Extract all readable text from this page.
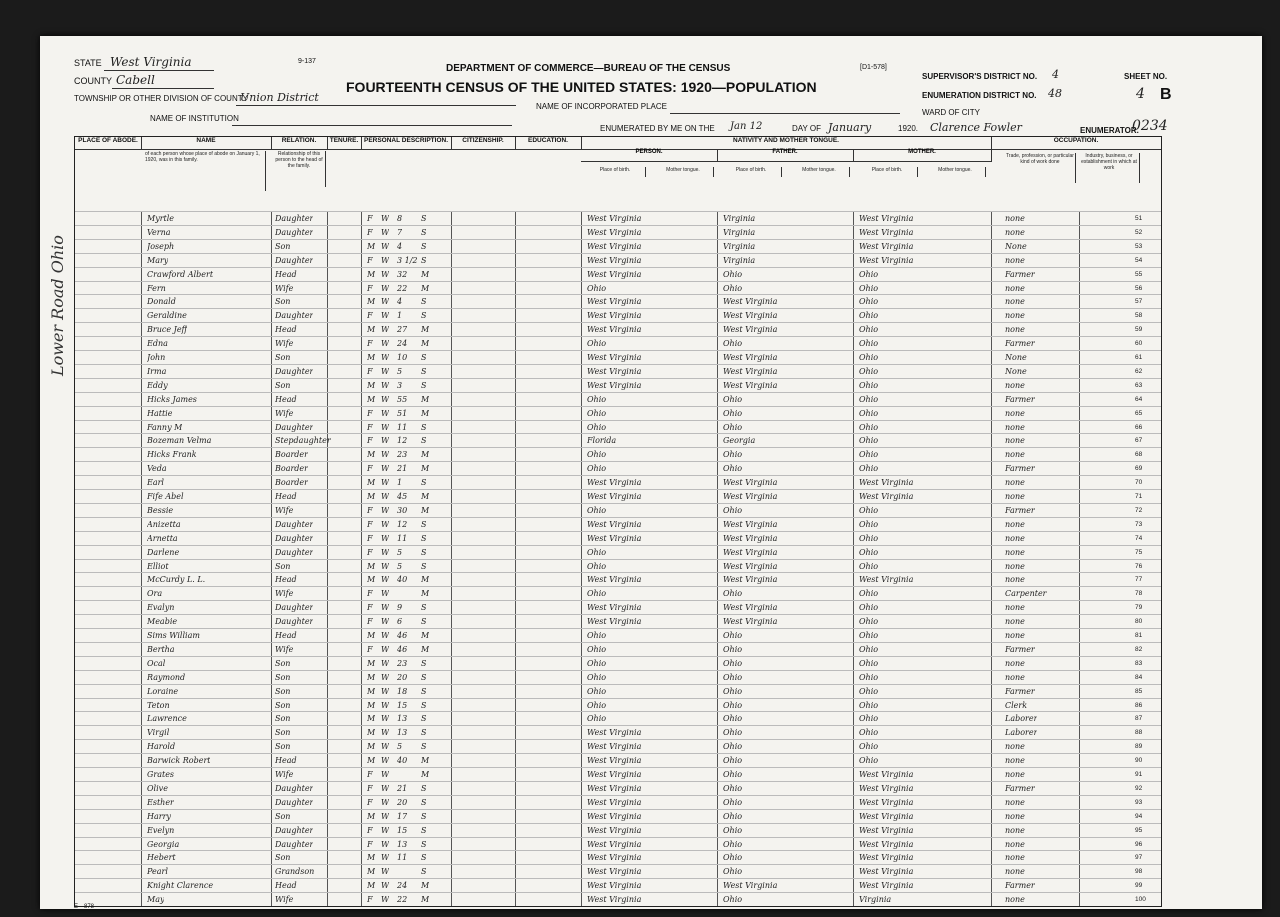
STATE West Virginia
COUNTY Cabell
TOWNSHIP OR OTHER DIVISION OF COUNTY
Union District
NAME OF INSTITUTION
9-137
DEPARTMENT OF COMMERCE—BUREAU OF THE CENSUS
FOURTEENTH CENSUS OF THE UNITED STATES: 1920—POPULATION
[D1-578]
NAME OF INCORPORATED PLACE
ENUMERATED BY ME ON THE Jan 12	DAY OF January	1920. Clarence Fowler	ENUMERATOR.
0234
SUPERVISOR'S DISTRICT NO. 4
ENUMERATION DISTRICT NO. 48
WARD OF CITY
SHEET NO.
4 B
Lower Road Ohio
PLACE OF ABODE.	NAME
of each person whose place of abode on January 1, 1920, was in this family.
RELATION.
Relationship of this person to the head of the family.
TENURE. PERSONAL DESCRIPTION.	CITIZENSHIP.	EDUCATION.	NATIVITY AND MOTHER TONGUE.
PERSON.	FATHER.	MOTHER.
Place of birth.	Mother tongue.	Place of birth.	Mother tongue.	Place of birth.	Mother tongue.
OCCUPATION.
Trade, profession, or particular kind of work done
Industry, business, or establishment in which at work
51
Myrtle	Daughter	F W 8 S	West Virginia	Virginia	West Virginia	none
52
Verna	Daughter	F W 7 S	West Virginia	Virginia	West Virginia	none
53
Joseph	Son	M W 4 S	West Virginia	Virginia	West Virginia	None
54
Mary	Daughter	F W 3 1/2 S	West Virginia	Virginia	West Virginia	none
55
Crawford Albert	Head	M W 32 M	West Virginia	Ohio	Ohio	Farmer
56
Fern	Wife	F W 22 M	Ohio	Ohio	Ohio	none
57
Donald	Son	M W 4 S	West Virginia	West Virginia	Ohio	none
58
Geraldine	Daughter	F W 1 S	West Virginia	West Virginia	Ohio	none
59
Bruce Jeff	Head	M W 27 M	West Virginia	West Virginia	Ohio	none
60
Edna	Wife	F W 24 M	Ohio	Ohio	Ohio	Farmer
61
John	Son	M W 10 S	West Virginia	West Virginia	Ohio	None
62
Irma	Daughter	F W 5 S	West Virginia	West Virginia	Ohio	None
63
Eddy	Son	M W 3 S	West Virginia	West Virginia	Ohio	none
64
Hicks James	Head	M W 55 M	Ohio	Ohio	Ohio	Farmer
65
Hattie	Wife	F W 51 M	Ohio	Ohio	Ohio	none
66
Fanny M	Daughter	F W 11 S	Ohio	Ohio	Ohio	none
67
Bozeman Velma	Stepdaughter	F W 12 S	Florida	Georgia	Ohio	none
68
Hicks Frank	Boarder	M W 23 M	Ohio	Ohio	Ohio	none
69
Veda	Boarder	F W 21 M	Ohio	Ohio	Ohio	Farmer
70
Earl	Boarder	M W 1 S	West Virginia	West Virginia	West Virginia	none
71
Fife Abel	Head	M W 45 M	West Virginia	West Virginia	West Virginia	none
72
Bessie	Wife	F W 30 M	Ohio	Ohio	Ohio	Farmer
73
Anizetta	Daughter	F W 12 S	West Virginia	West Virginia	Ohio	none
74
Arnetta	Daughter	F W 11 S	West Virginia	West Virginia	Ohio	none
75
Darlene	Daughter	F W 5 S	Ohio	West Virginia	Ohio	none
76
Elliot	Son	M W 5 S	Ohio	West Virginia	Ohio	none
77
McCurdy L. L.	Head	M W 40 M	West Virginia	West Virginia	West Virginia	none
78
Ora	Wife	F W	M	Ohio	Ohio	Ohio	Carpenter
79
Evalyn	Daughter	F W 9 S	West Virginia	West Virginia	Ohio	none
80
Meabie	Daughter	F W 6 S	West Virginia	West Virginia	Ohio	none
81
Sims William	Head	M W 46 M	Ohio	Ohio	Ohio	none
82
Bertha	Wife	F W 46 M	Ohio	Ohio	Ohio	Farmer
83
Ocal	Son	M W 23 S	Ohio	Ohio	Ohio	none
84
Raymond	Son	M W 20 S	Ohio	Ohio	Ohio	none
85
Loraine	Son	M W 18 S	Ohio	Ohio	Ohio	Farmer
86
Teton	Son	M W 15 S	Ohio	Ohio	Ohio	Clerk
87
Lawrence	Son	M W 13 S	Ohio	Ohio	Ohio	Laborer
88
Virgil	Son	M W 13 S	West Virginia	Ohio	Ohio	Laborer
89
Harold	Son	M W 5 S	West Virginia	Ohio	Ohio	none
90
Barwick Robert	Head	M W 40 M	West Virginia	Ohio	Ohio	none
91
Grates	Wife	F W	M	West Virginia	Ohio	West Virginia	none
92
Olive	Daughter	F W 21 S	West Virginia	Ohio	West Virginia	Farmer
93
Esther	Daughter	F W 20 S	West Virginia	Ohio	West Virginia	none
94
Harry	Son	M W 17 S	West Virginia	Ohio	West Virginia	none
95
Evelyn	Daughter	F W 15 S	West Virginia	Ohio	West Virginia	none
96
Georgia	Daughter	F W 13 S	West Virginia	Ohio	West Virginia	none
97
Hebert	Son	M W 11 S	West Virginia	Ohio	West Virginia	none
98
Pearl	Grandson	M W	S	West Virginia	Ohio	West Virginia	none
99
Knight Clarence	Head	M W 24 M	West Virginia	West Virginia	West Virginia	Farmer
100
May	Wife	F W 22 M	West Virginia	Ohio	Virginia	none
E—878
